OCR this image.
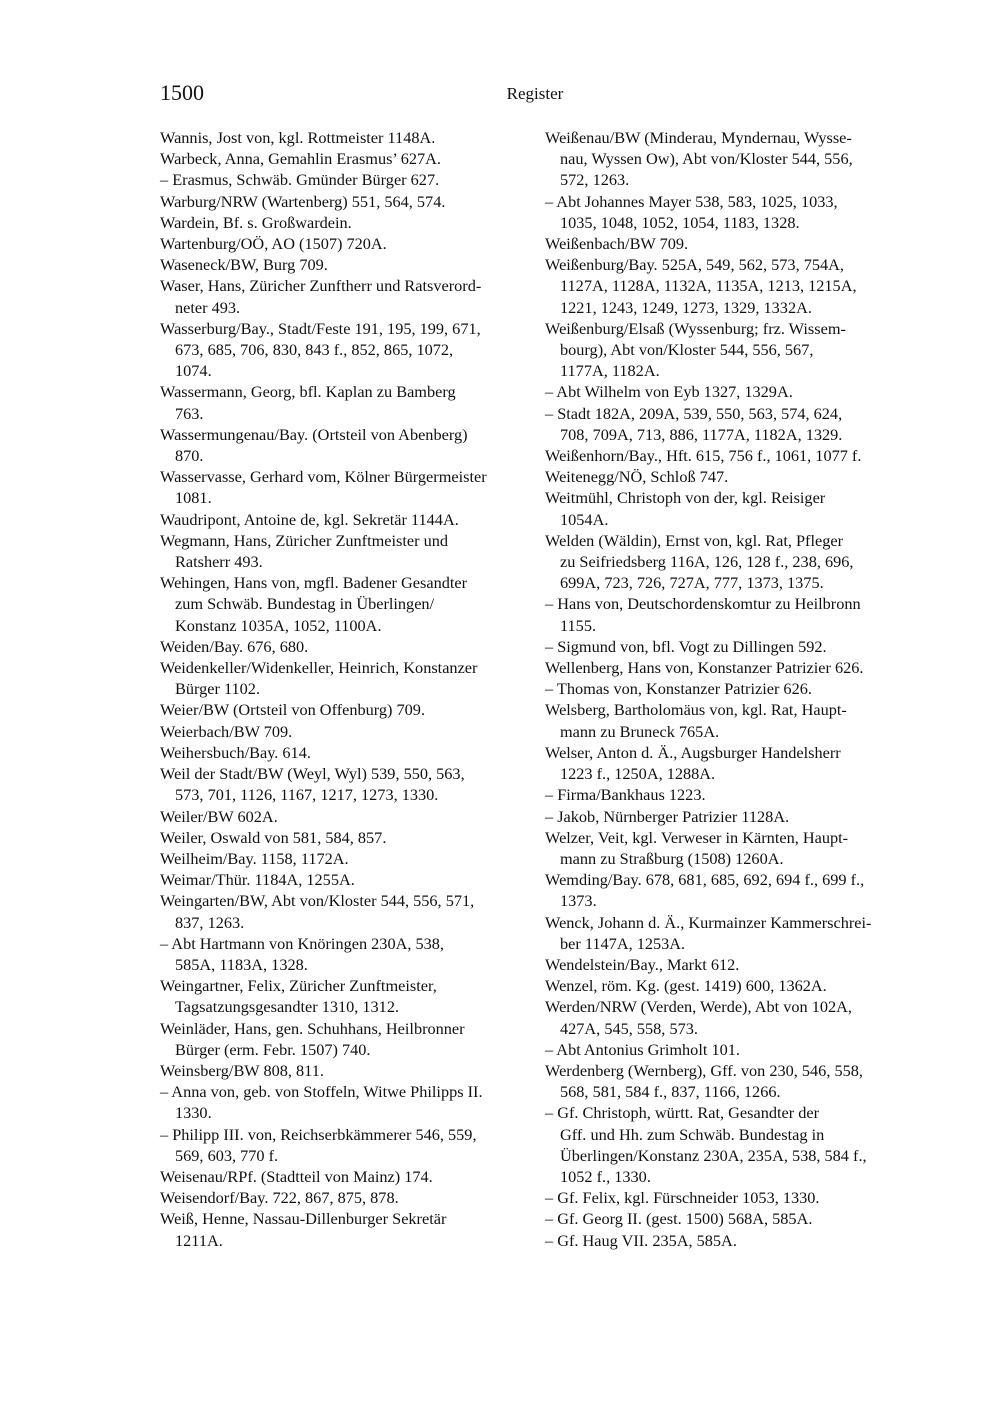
1500	Register
Wannis, Jost von, kgl. Rottmeister 1148A.
Warbeck, Anna, Gemahlin Erasmus’ 627A.
– Erasmus, Schwäb. Gmünder Bürger 627.
Warburg/NRW (Wartenberg) 551, 564, 574.
Wardein, Bf. s. Großwardein.
Wartenburg/OÖ, AO (1507) 720A.
Waseneck/BW, Burg 709.
Waser, Hans, Züricher Zunftherr und Ratsverord-
neter 493.
Wasserburg/Bay., Stadt/Feste 191, 195, 199, 671,
673, 685, 706, 830, 843 f., 852, 865, 1072,
1074.
Wassermann, Georg, bfl. Kaplan zu Bamberg
763.
Wassermungenau/Bay. (Ortsteil von Abenberg)
870.
Wasservasse, Gerhard vom, Kölner Bürgermeister
1081.
Waudripont, Antoine de, kgl. Sekretär 1144A.
Wegmann, Hans, Züricher Zunftmeister und
Ratsherr 493.
Wehingen, Hans von, mgfl. Badener Gesandter
zum Schwäb. Bundestag in Überlingen/
Konstanz 1035A, 1052, 1100A.
Weiden/Bay. 676, 680.
Weidenkeller/Widenkeller, Heinrich, Konstanzer
Bürger 1102.
Weier/BW (Ortsteil von Offenburg) 709.
Weierbach/BW 709.
Weihersbuch/Bay. 614.
Weil der Stadt/BW (Weyl, Wyl) 539, 550, 563,
573, 701, 1126, 1167, 1217, 1273, 1330.
Weiler/BW 602A.
Weiler, Oswald von 581, 584, 857.
Weilheim/Bay. 1158, 1172A.
Weimar/Thür. 1184A, 1255A.
Weingarten/BW, Abt von/Kloster 544, 556, 571,
837, 1263.
– Abt Hartmann von Knöringen 230A, 538,
585A, 1183A, 1328.
Weingartner, Felix, Züricher Zunftmeister,
Tagsatzungsgesandter 1310, 1312.
Weinläder, Hans, gen. Schuhhans, Heilbronner
Bürger (erm. Febr. 1507) 740.
Weinsberg/BW 808, 811.
– Anna von, geb. von Stoffeln, Witwe Philipps II.
1330.
– Philipp III. von, Reichserbkämmerer 546, 559,
569, 603, 770 f.
Weisenau/RPf. (Stadtteil von Mainz) 174.
Weisendorf/Bay. 722, 867, 875, 878.
Weiß, Henne, Nassau-Dillenburger Sekretär
1211A.
Weißenau/BW (Minderau, Myndernau, Wysse-
nau, Wyssen Ow), Abt von/Kloster 544, 556,
572, 1263.
– Abt Johannes Mayer 538, 583, 1025, 1033,
1035, 1048, 1052, 1054, 1183, 1328.
Weißenbach/BW 709.
Weißenburg/Bay. 525A, 549, 562, 573, 754A,
1127A, 1128A, 1132A, 1135A, 1213, 1215A,
1221, 1243, 1249, 1273, 1329, 1332A.
Weißenburg/Elsaß (Wyssenburg; frz. Wissem-
bourg), Abt von/Kloster 544, 556, 567,
1177A, 1182A.
– Abt Wilhelm von Eyb 1327, 1329A.
– Stadt 182A, 209A, 539, 550, 563, 574, 624,
708, 709A, 713, 886, 1177A, 1182A, 1329.
Weißenhorn/Bay., Hft. 615, 756 f., 1061, 1077 f.
Weitenegg/NÖ, Schloß 747.
Weitmühl, Christoph von der, kgl. Reisiger
1054A.
Welden (Wäldin), Ernst von, kgl. Rat, Pfleger
zu Seifriedsberg 116A, 126, 128 f., 238, 696,
699A, 723, 726, 727A, 777, 1373, 1375.
– Hans von, Deutschordenskomtur zu Heilbronn
1155.
– Sigmund von, bfl. Vogt zu Dillingen 592.
Wellenberg, Hans von, Konstanzer Patrizier 626.
– Thomas von, Konstanzer Patrizier 626.
Welsberg, Bartholomäus von, kgl. Rat, Haupt-
mann zu Bruneck 765A.
Welser, Anton d. Ä., Augsburger Handelsherr
1223 f., 1250A, 1288A.
– Firma/Bankhaus 1223.
– Jakob, Nürnberger Patrizier 1128A.
Welzer, Veit, kgl. Verweser in Kärnten, Haupt-
mann zu Straßburg (1508) 1260A.
Wemding/Bay. 678, 681, 685, 692, 694 f., 699 f.,
1373.
Wenck, Johann d. Ä., Kurmainzer Kammerschrei-
ber 1147A, 1253A.
Wendelstein/Bay., Markt 612.
Wenzel, röm. Kg. (gest. 1419) 600, 1362A.
Werden/NRW (Verden, Werde), Abt von 102A,
427A, 545, 558, 573.
– Abt Antonius Grimholt 101.
Werdenberg (Wernberg), Gff. von 230, 546, 558,
568, 581, 584 f., 837, 1166, 1266.
– Gf. Christoph, württ. Rat, Gesandter der
Gff. und Hh. zum Schwäb. Bundestag in
Überlingen/Konstanz 230A, 235A, 538, 584 f.,
1052 f., 1330.
– Gf. Felix, kgl. Fürschneider 1053, 1330.
– Gf. Georg II. (gest. 1500) 568A, 585A.
– Gf. Haug VII. 235A, 585A.
